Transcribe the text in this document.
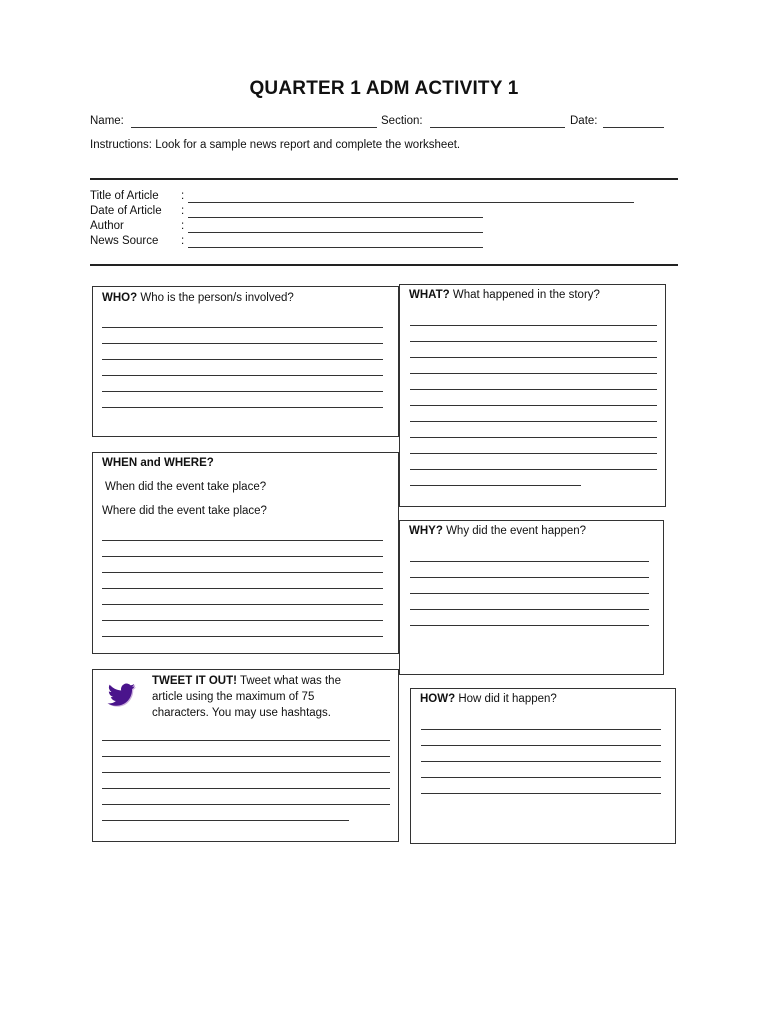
QUARTER 1 ADM ACTIVITY 1
Name:	Section:	Date:
Instructions: Look for a sample news report and complete the worksheet.
Title of Article :
Date of Article :
Author	:
News Source :
WHO? Who is the person/s involved?	WHAT? What happened in the story?
WHEN and WHERE?
When did the event take place?
Where did the event take place?
WHY? Why did the event happen?
TWEET IT OUT! Tweet what was the
article using the maximum of 75
characters. You may use hashtags.
HOW? How did it happen?
